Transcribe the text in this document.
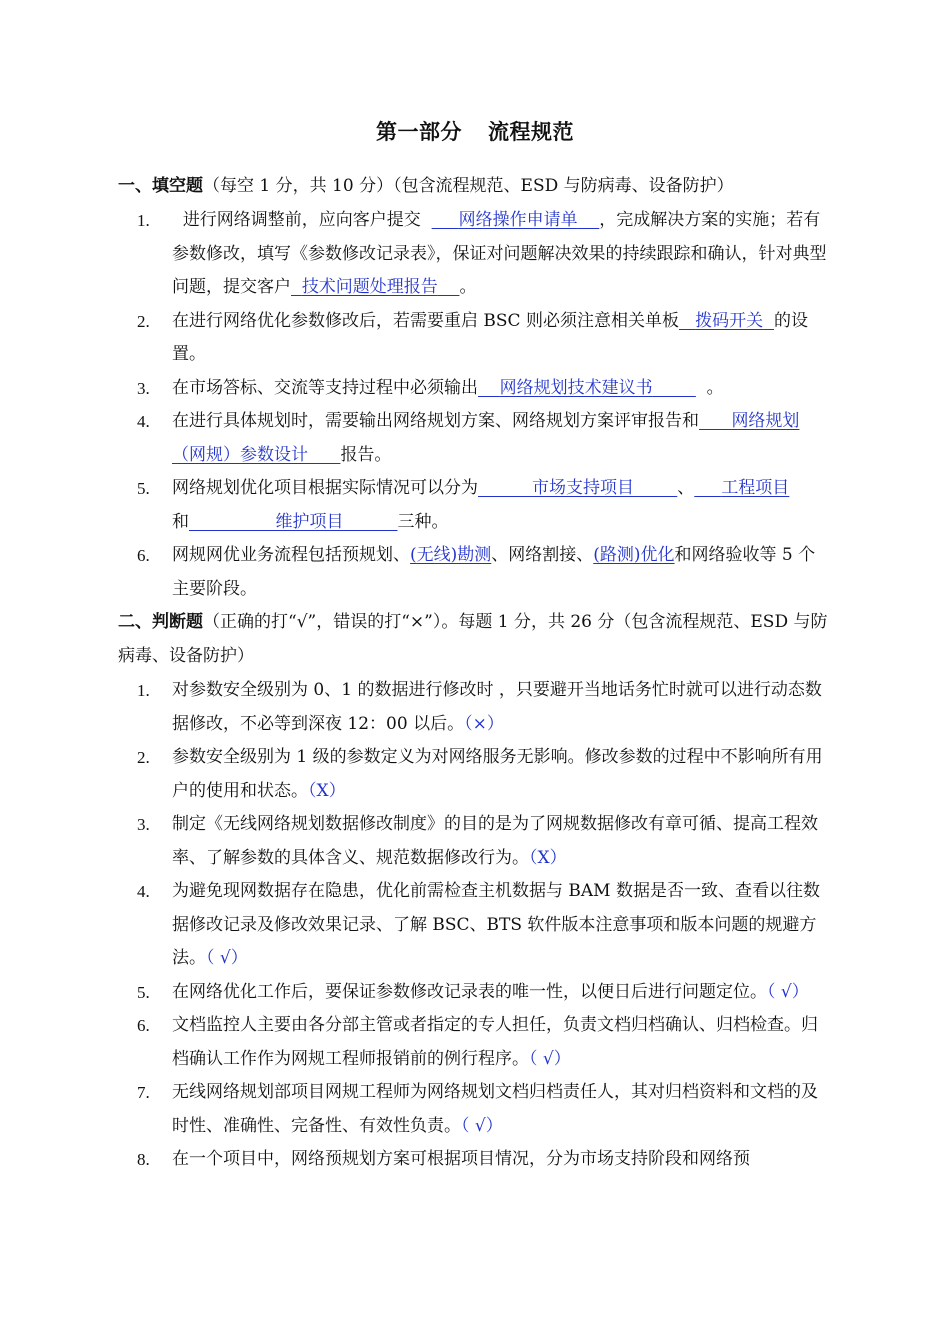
第一部分 流程规范
一、填空题（每空 1 分，共 10 分）（包含流程规范、ESD 与防病毒、设备防护）
1.	进行网络调整前，应向客户提交 网络操作申请单 ，完成解决方案的实施；若有参数修改，填写《参数修改记录表》，保证对问题解决效果的持续跟踪和确认，针对典型问题，提交客户 技术问题处理报告 。
2.	在进行网络优化参数修改后，若需要重启 BSC 则必须注意相关单板 拨码开关 的设置。
3.	在市场答标、交流等支持过程中必须输出 网络规划技术建议书	。
4.	在进行具体规划时，需要输出网络规划方案、网络规划方案评审报告和 网络规划（网规）参数设计 报告。
5.	网络规划优化项目根据实际情况可以分为	市场支持项目	、 工程项目和	维护项目	三种。
6.	网规网优业务流程包括预规划、(无线)勘测、网络割接、(路测)优化和网络验收等 5 个主要阶段。
二、判断题（正确的打“√”，错误的打“×”）。每题 1 分，共 26 分（包含流程规范、ESD 与防病毒、设备防护）
1.	对参数安全级别为 0、1 的数据进行修改时 ，只要避开当地话务忙时就可以进行动态数据修改，不必等到深夜 12：00 以后。（×）
2.	参数安全级别为 1 级的参数定义为对网络服务无影响。修改参数的过程中不影响所有用户的使用和状态。（X）
3.	制定《无线网络规划数据修改制度》的目的是为了网规数据修改有章可循、提高工程效率、了解参数的具体含义、规范数据修改行为。（X）
4.	为避免现网数据存在隐患，优化前需检查主机数据与 BAM 数据是否一致、查看以往数据修改记录及修改效果记录、了解 BSC、BTS 软件版本注意事项和版本问题的规避方法。（ √）
5.	在网络优化工作后，要保证参数修改记录表的唯一性，以便日后进行问题定位。（ √）
6.	文档监控人主要由各分部主管或者指定的专人担任，负责文档归档确认、归档检查。归档确认工作作为网规工程师报销前的例行程序。（ √）
7.	无线网络规划部项目网规工程师为网络规划文档归档责任人，其对归档资料和文档的及时性、准确性、完备性、有效性负责。（ √）
8.	在一个项目中，网络预规划方案可根据项目情况，分为市场支持阶段和网络预
